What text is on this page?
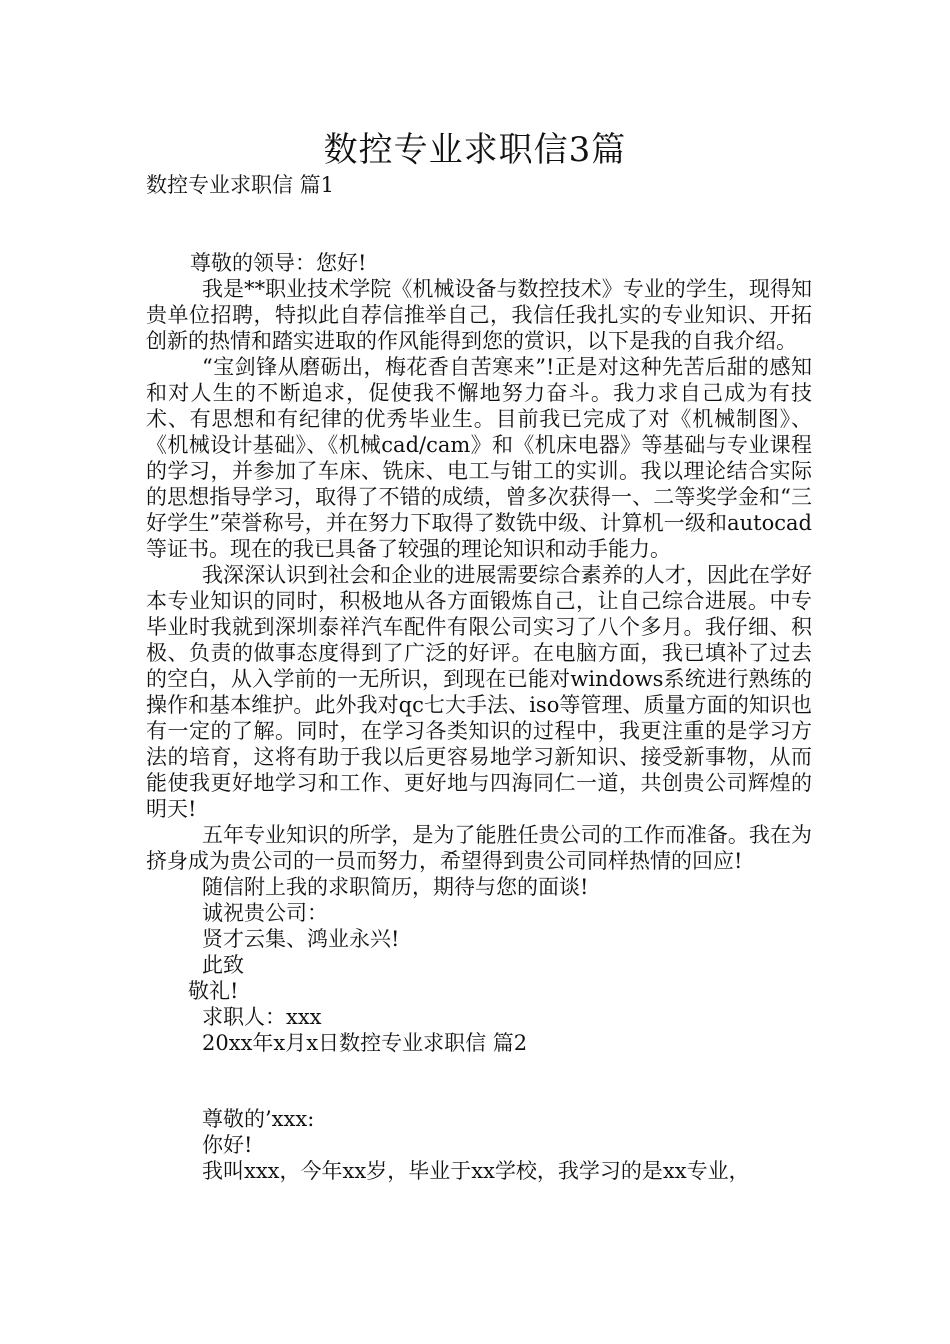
数控专业求职信3篇

数控专业求职信 篇1

尊敬的领导：您好!

我是**职业技术学院《机械设备与数控技术》专业的学生，现得知贵单位招聘，特拟此自荐信推举自己，我信任我扎实的专业知识、开拓创新的热情和踏实进取的作风能得到您的赏识，以下是我的自我介绍。

“宝剑锋从磨砺出，梅花香自苦寒来”!正是对这种先苦后甜的感知和对人生的不断追求，促使我不懈地努力奋斗。我力求自己成为有技术、有思想和有纪律的优秀毕业生。目前我已完成了对《机械制图》、《机械设计基础》、《机械cad/cam》和《机床电器》等基础与专业课程的学习，并参加了车床、铣床、电工与钳工的实训。我以理论结合实际的思想指导学习，取得了不错的成绩，曾多次获得一、二等奖学金和“三好学生”荣誉称号，并在努力下取得了数铣中级、计算机一级和autocad等证书。现在的我已具备了较强的理论知识和动手能力。

我深深认识到社会和企业的进展需要综合素养的人才，因此在学好本专业知识的同时，积极地从各方面锻炼自己，让自己综合进展。中专毕业时我就到深圳泰祥汽车配件有限公司实习了八个多月。我仔细、积极、负责的做事态度得到了广泛的好评。在电脑方面，我已填补了过去的空白，从入学前的一无所识，到现在已能对windows系统进行熟练的操作和基本维护。此外我对qc七大手法、iso等管理、质量方面的知识也有一定的了解。同时，在学习各类知识的过程中，我更注重的是学习方法的培育，这将有助于我以后更容易地学习新知识、接受新事物，从而能使我更好地学习和工作、更好地与四海同仁一道，共创贵公司辉煌的明天!

五年专业知识的所学，是为了能胜任贵公司的工作而准备。我在为挤身成为贵公司的一员而努力，希望得到贵公司同样热情的回应!

随信附上我的求职简历，期待与您的面谈!

诚祝贵公司：

贤才云集、鸿业永兴!

此致

敬礼!

求职人：xxx

20xx年x月x日数控专业求职信 篇2

尊敬的’xxx:

你好!

我叫xxx，今年xx岁，毕业于xx学校，我学习的是xx专业，
